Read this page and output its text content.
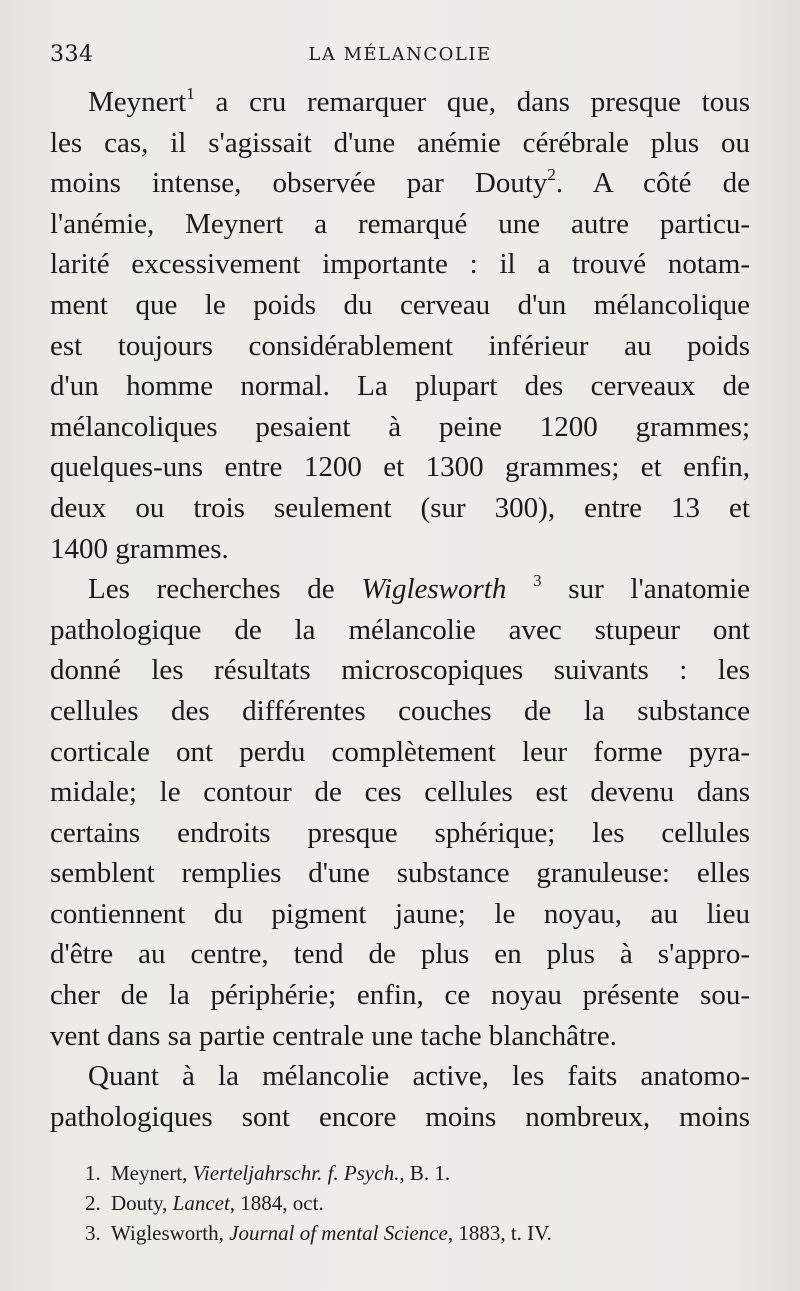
334	LA MÉLANCOLIE
Meynert$^1$ a cru remarquer que, dans presque tous
les cas, il s'agissait d'une anémie cérébrale plus ou
moins intense, observée par Douty$^2$. A côté de
l'anémie, Meynert a remarqué une autre particu-
larité excessivement importante : il a trouvé notam-
ment que le poids du cerveau d'un mélancolique
est toujours considérablement inférieur au poids
d'un homme normal. La plupart des cerveaux de
mélancoliques pesaient à peine 1200 grammes;
quelques-uns entre 1200 et 1300 grammes; et enfin,
deux ou trois seulement (sur 300), entre 13 et
1400 grammes.
Les recherches de Wiglesworth $^3$ sur l'anatomie
pathologique de la mélancolie avec stupeur ont
donné les résultats microscopiques suivants : les
cellules des différentes couches de la substance
corticale ont perdu complètement leur forme pyra-
midale; le contour de ces cellules est devenu dans
certains endroits presque sphérique; les cellules
semblent remplies d'une substance granuleuse: elles
contiennent du pigment jaune; le noyau, au lieu
d'être au centre, tend de plus en plus à s'appro-
cher de la périphérie; enfin, ce noyau présente sou-
vent dans sa partie centrale une tache blanchâtre.
Quant à la mélancolie active, les faits anatomo-
pathologiques sont encore moins nombreux, moins
1. Meynert, Vierteljahrschr. f. Psych., B. 1.
2. Douty, Lancet, 1884, oct.
3. Wiglesworth, Journal of mental Science, 1883, t. IV.
